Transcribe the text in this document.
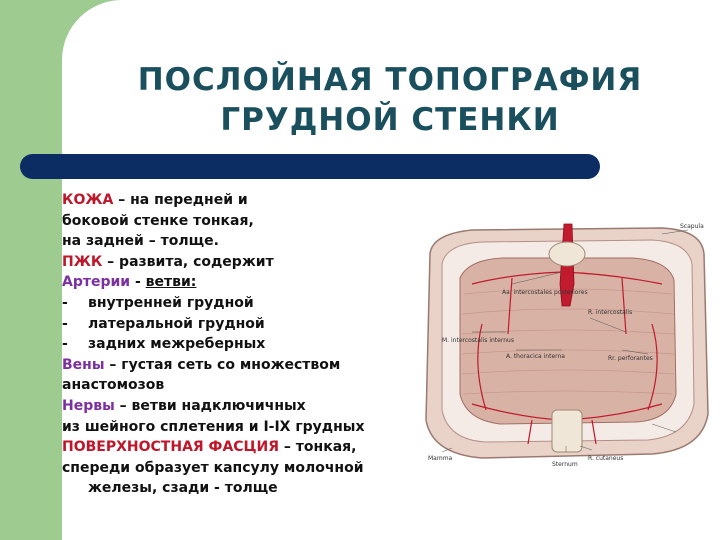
ПОСЛОЙНАЯ ТОПОГРАФИЯ
ГРУДНОЙ СТЕНКИ
КОЖА – на передней и
боковой стенке тонкая,
на задней – толще.
ПЖК – развита, содержит
Артерии - ветви:
- внутренней грудной
- латеральной грудной
- задних межреберных
Вены – густая сеть со множеством
анастомозов
Нервы – ветви надключичных
из шейного сплетения и I-IX грудных
ПОВЕРХНОСТНАЯ ФАСЦИЯ – тонкая,
спереди образует капсулу молочной
железы, сзади - толще
Scapula
Aa. intercostales posteriores
M. intercostalis internus
A. thoracica interna
R. intercostalis
Rr. perforantes
Sternum
R. cutaneus
Mamma
